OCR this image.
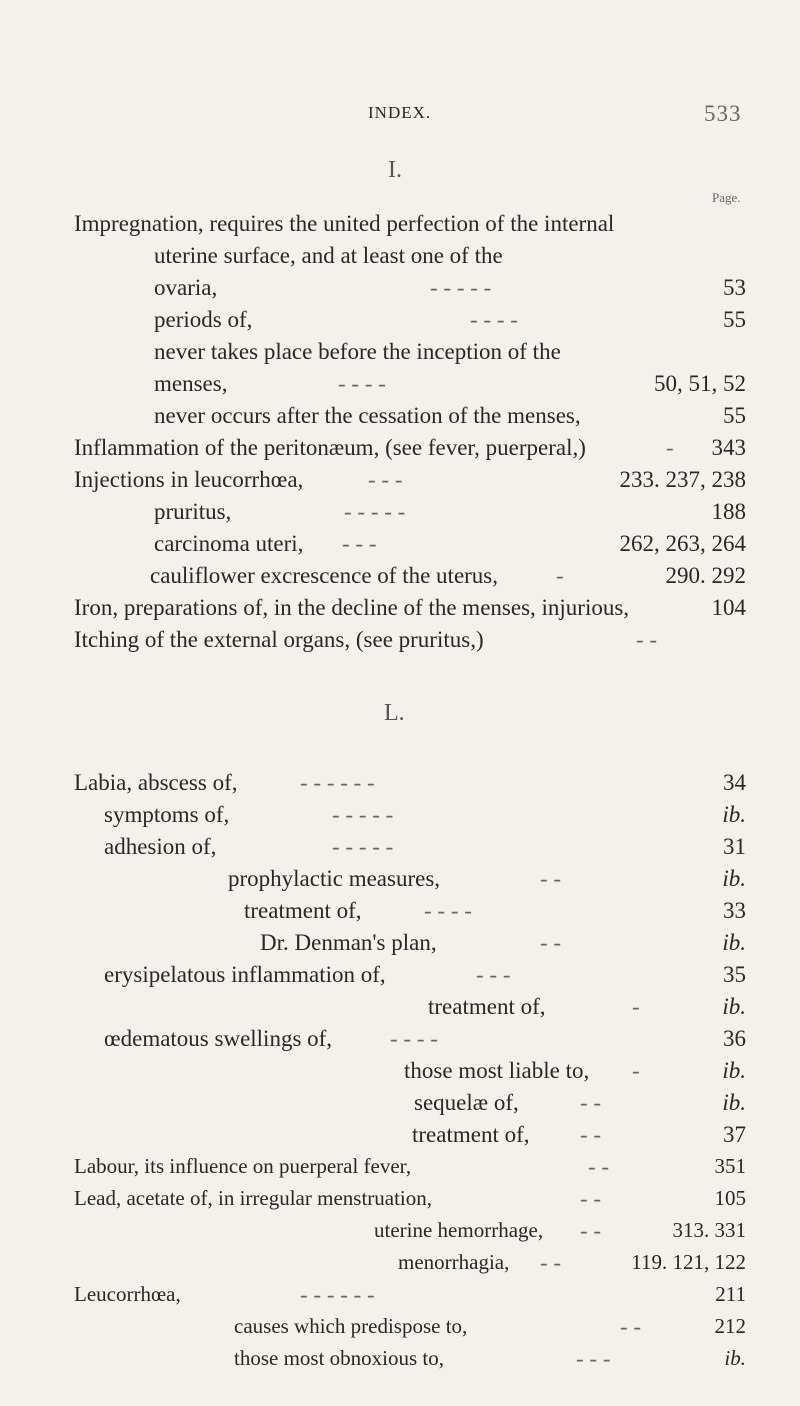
INDEX.	533
I.
Page.
Impregnation, requires the united perfection of the internal
uterine surface, and at least one of the
ovaria,	- - - - -	53
periods of,	- - - -	55
never takes place before the inception of the
menses,	- - - -	50, 51, 52
never occurs after the cessation of the menses,	55
Inflammation of the peritonæum, (see fever, puerperal,)	- 343
Injections in leucorrhœa,	- - -	233. 237, 238
pruritus,	- - - - -	188
carcinoma uteri, - - -	262, 263, 264
cauliflower excrescence of the uterus,	-	290. 292
Iron, preparations of, in the decline of the menses, injurious,	104
Itching of the external organs, (see pruritus,)	- -
L.
Labia, abscess of,	- - - - - -	34
symptoms of,	- - - - -	ib.
adhesion of,	- - - - -	31
prophylactic measures,	- -	ib.
treatment of,	- - - -	33
Dr. Denman's plan,	- -	ib.
erysipelatous inflammation of,	- - -	35
treatment of,	-	ib.
œdematous swellings of,	- - - -	36
those most liable to, -	ib.
sequelæ of,	- -	ib.
treatment of, - -	37
Labour, its influence on puerperal fever,	- -	351
Lead, acetate of, in irregular menstruation,	- -	105
uterine hemorrhage, - -	313. 331
menorrhagia, - -	119. 121, 122
Leucorrhœa,	- - - - - -	211
causes which predispose to,	- -	212
those most obnoxious to,	- - -	ib.
